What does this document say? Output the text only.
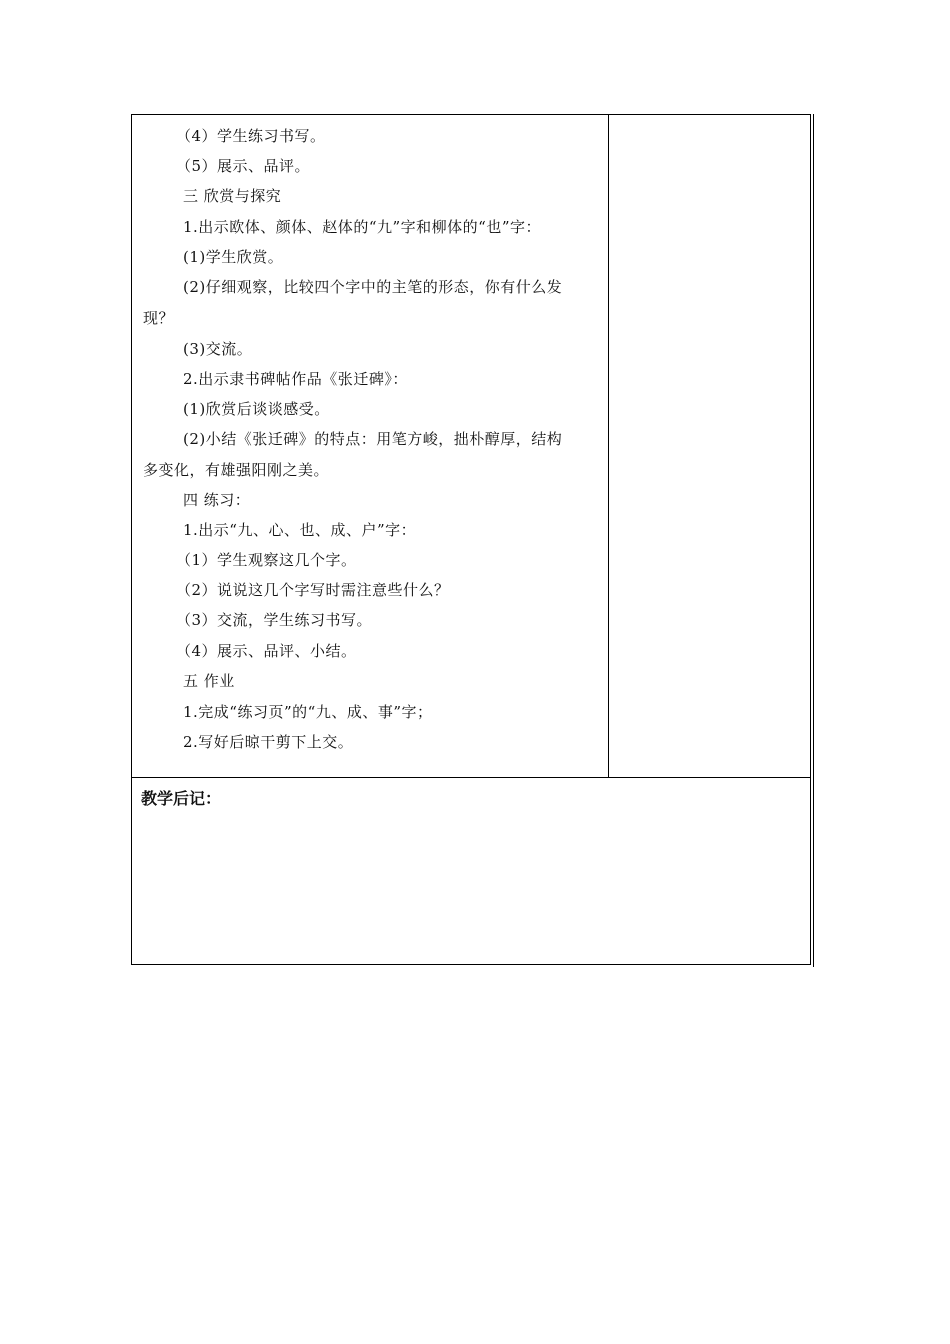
（4）学生练习书写。
（5）展示、品评。
三 欣赏与探究
1.出示欧体、颜体、赵体的“九”字和柳体的“也”字：
(1)学生欣赏。
(2)仔细观察，比较四个字中的主笔的形态，你有什么发
现？
(3)交流。
2.出示隶书碑帖作品《张迁碑》：
(1)欣赏后谈谈感受。
(2)小结《张迁碑》的特点：用笔方峻，拙朴醇厚，结构
多变化，有雄强阳刚之美。
四 练习：
1.出示“九、心、也、成、户”字：
（1）学生观察这几个字。
（2）说说这几个字写时需注意些什么？
（3）交流，学生练习书写。
（4）展示、品评、小结。
五 作业
1.完成“练习页”的“九、成、事”字；
2.写好后晾干剪下上交。
教学后记：
